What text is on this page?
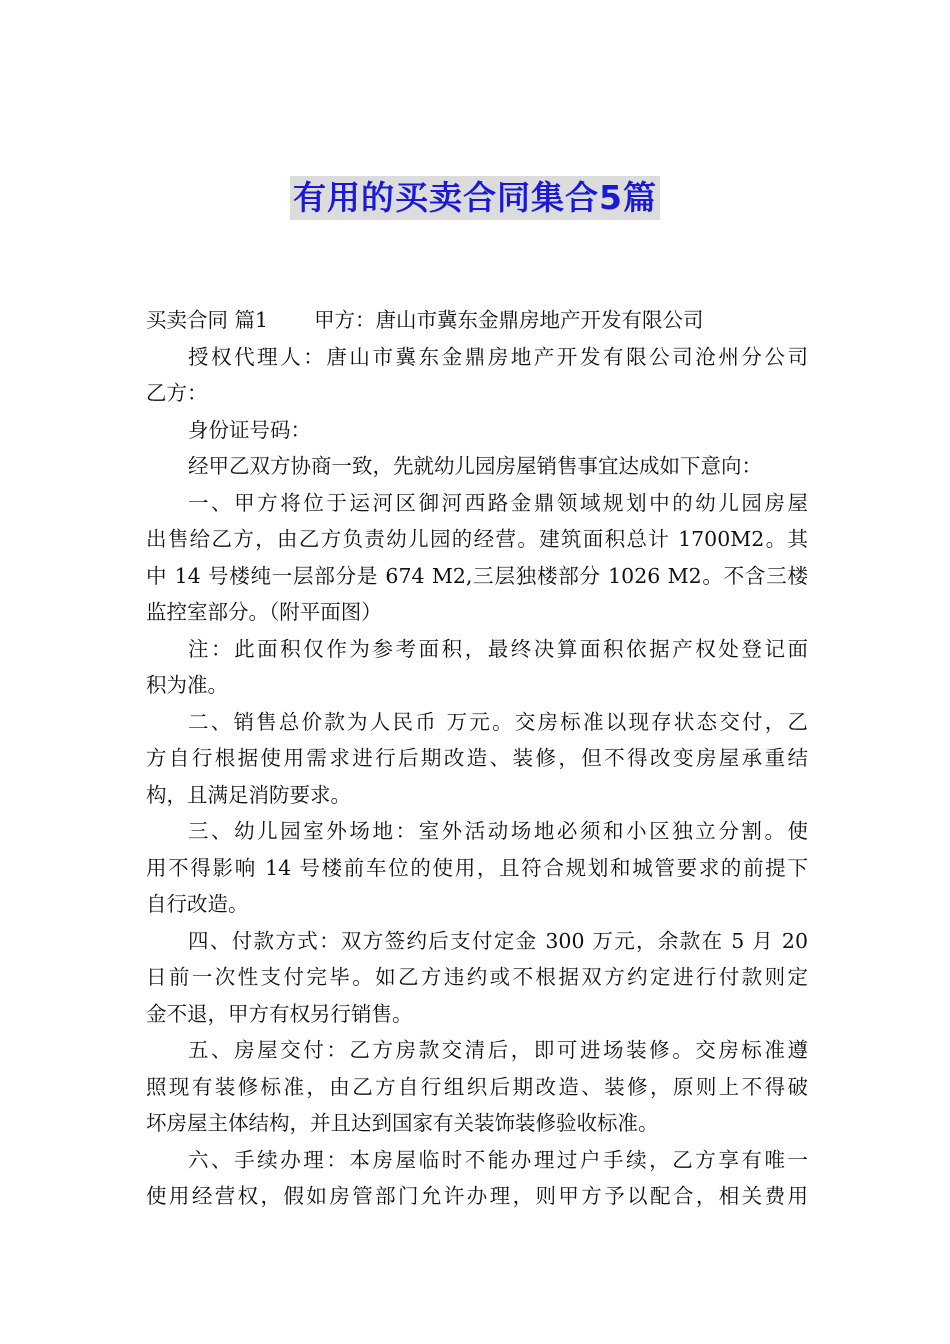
有用的买卖合同集合5篇
买卖合同 篇1 甲方：唐山市冀东金鼎房地产开发有限公司
授权代理人：唐山市冀东金鼎房地产开发有限公司沧州分公司
乙方：
身份证号码：
经甲乙双方协商一致，先就幼儿园房屋销售事宜达成如下意向：
一、甲方将位于运河区御河西路金鼎领域规划中的幼儿园房屋
出售给乙方，由乙方负责幼儿园的经营。建筑面积总计 1700M2。其
中 14 号楼纯一层部分是 674 M2,三层独楼部分 1026 M2。不含三楼
监控室部分。（附平面图）
注：此面积仅作为参考面积，最终决算面积依据产权处登记面
积为准。
二、销售总价款为人民币 万元。交房标准以现存状态交付，乙
方自行根据使用需求进行后期改造、装修，但不得改变房屋承重结
构，且满足消防要求。
三、幼儿园室外场地：室外活动场地必须和小区独立分割。使
用不得影响 14 号楼前车位的使用，且符合规划和城管要求的前提下
自行改造。
四、付款方式：双方签约后支付定金 300 万元，余款在 5 月 20
日前一次性支付完毕。如乙方违约或不根据双方约定进行付款则定
金不退，甲方有权另行销售。
五、房屋交付：乙方房款交清后，即可进场装修。交房标准遵
照现有装修标准，由乙方自行组织后期改造、装修，原则上不得破
坏房屋主体结构，并且达到国家有关装饰装修验收标准。
六、手续办理：本房屋临时不能办理过户手续，乙方享有唯一
使用经营权，假如房管部门允许办理，则甲方予以配合，相关费用
